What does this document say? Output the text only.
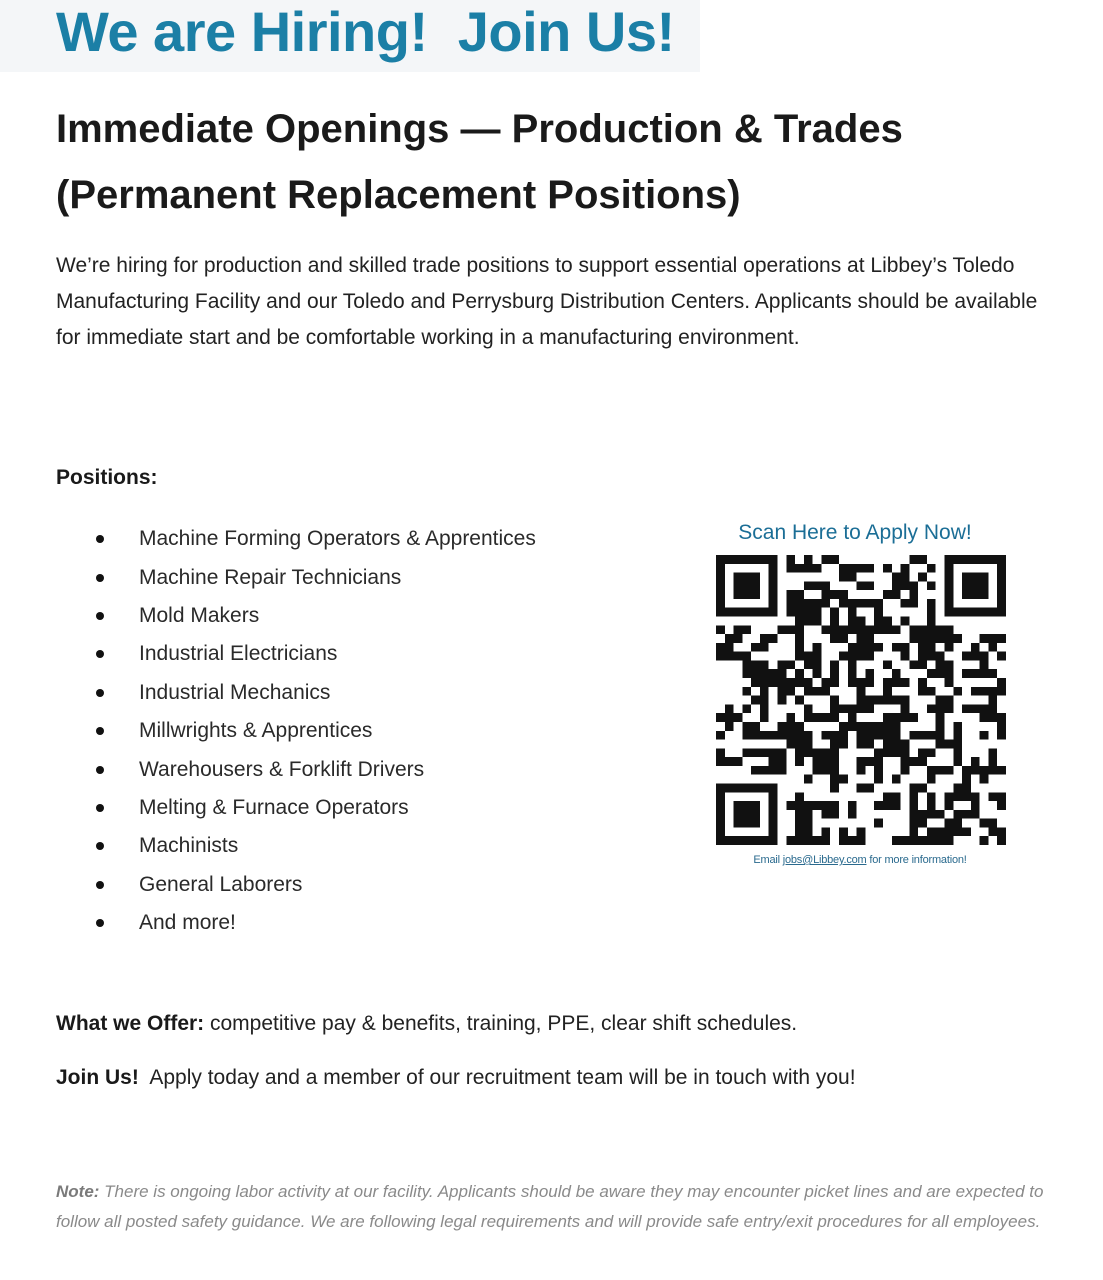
We are Hiring!  Join Us!
Immediate Openings — Production & Trades
(Permanent Replacement Positions)

We’re hiring for production and skilled trade positions to support essential operations at Libbey’s Toledo Manufacturing Facility and our Toledo and Perrysburg Distribution Centers. Applicants should be available for immediate start and be comfortable working in a manufacturing environment.

Positions:

Machine Forming Operators & Apprentices
Machine Repair Technicians
Mold Makers
Industrial Electricians
Industrial Mechanics
Millwrights & Apprentices
Warehousers & Forklift Drivers
Melting & Furnace Operators
Machinists
General Laborers
And more!

Scan Here to Apply Now!

Email jobs@Libbey.com for more information!

What we Offer: competitive pay & benefits, training, PPE, clear shift schedules.

Join Us!  Apply today and a member of our recruitment team will be in touch with you!

Note: There is ongoing labor activity at our facility. Applicants should be aware they may encounter picket lines and are expected to follow all posted safety guidance. We are following legal requirements and will provide safe entry/exit procedures for all employees.
